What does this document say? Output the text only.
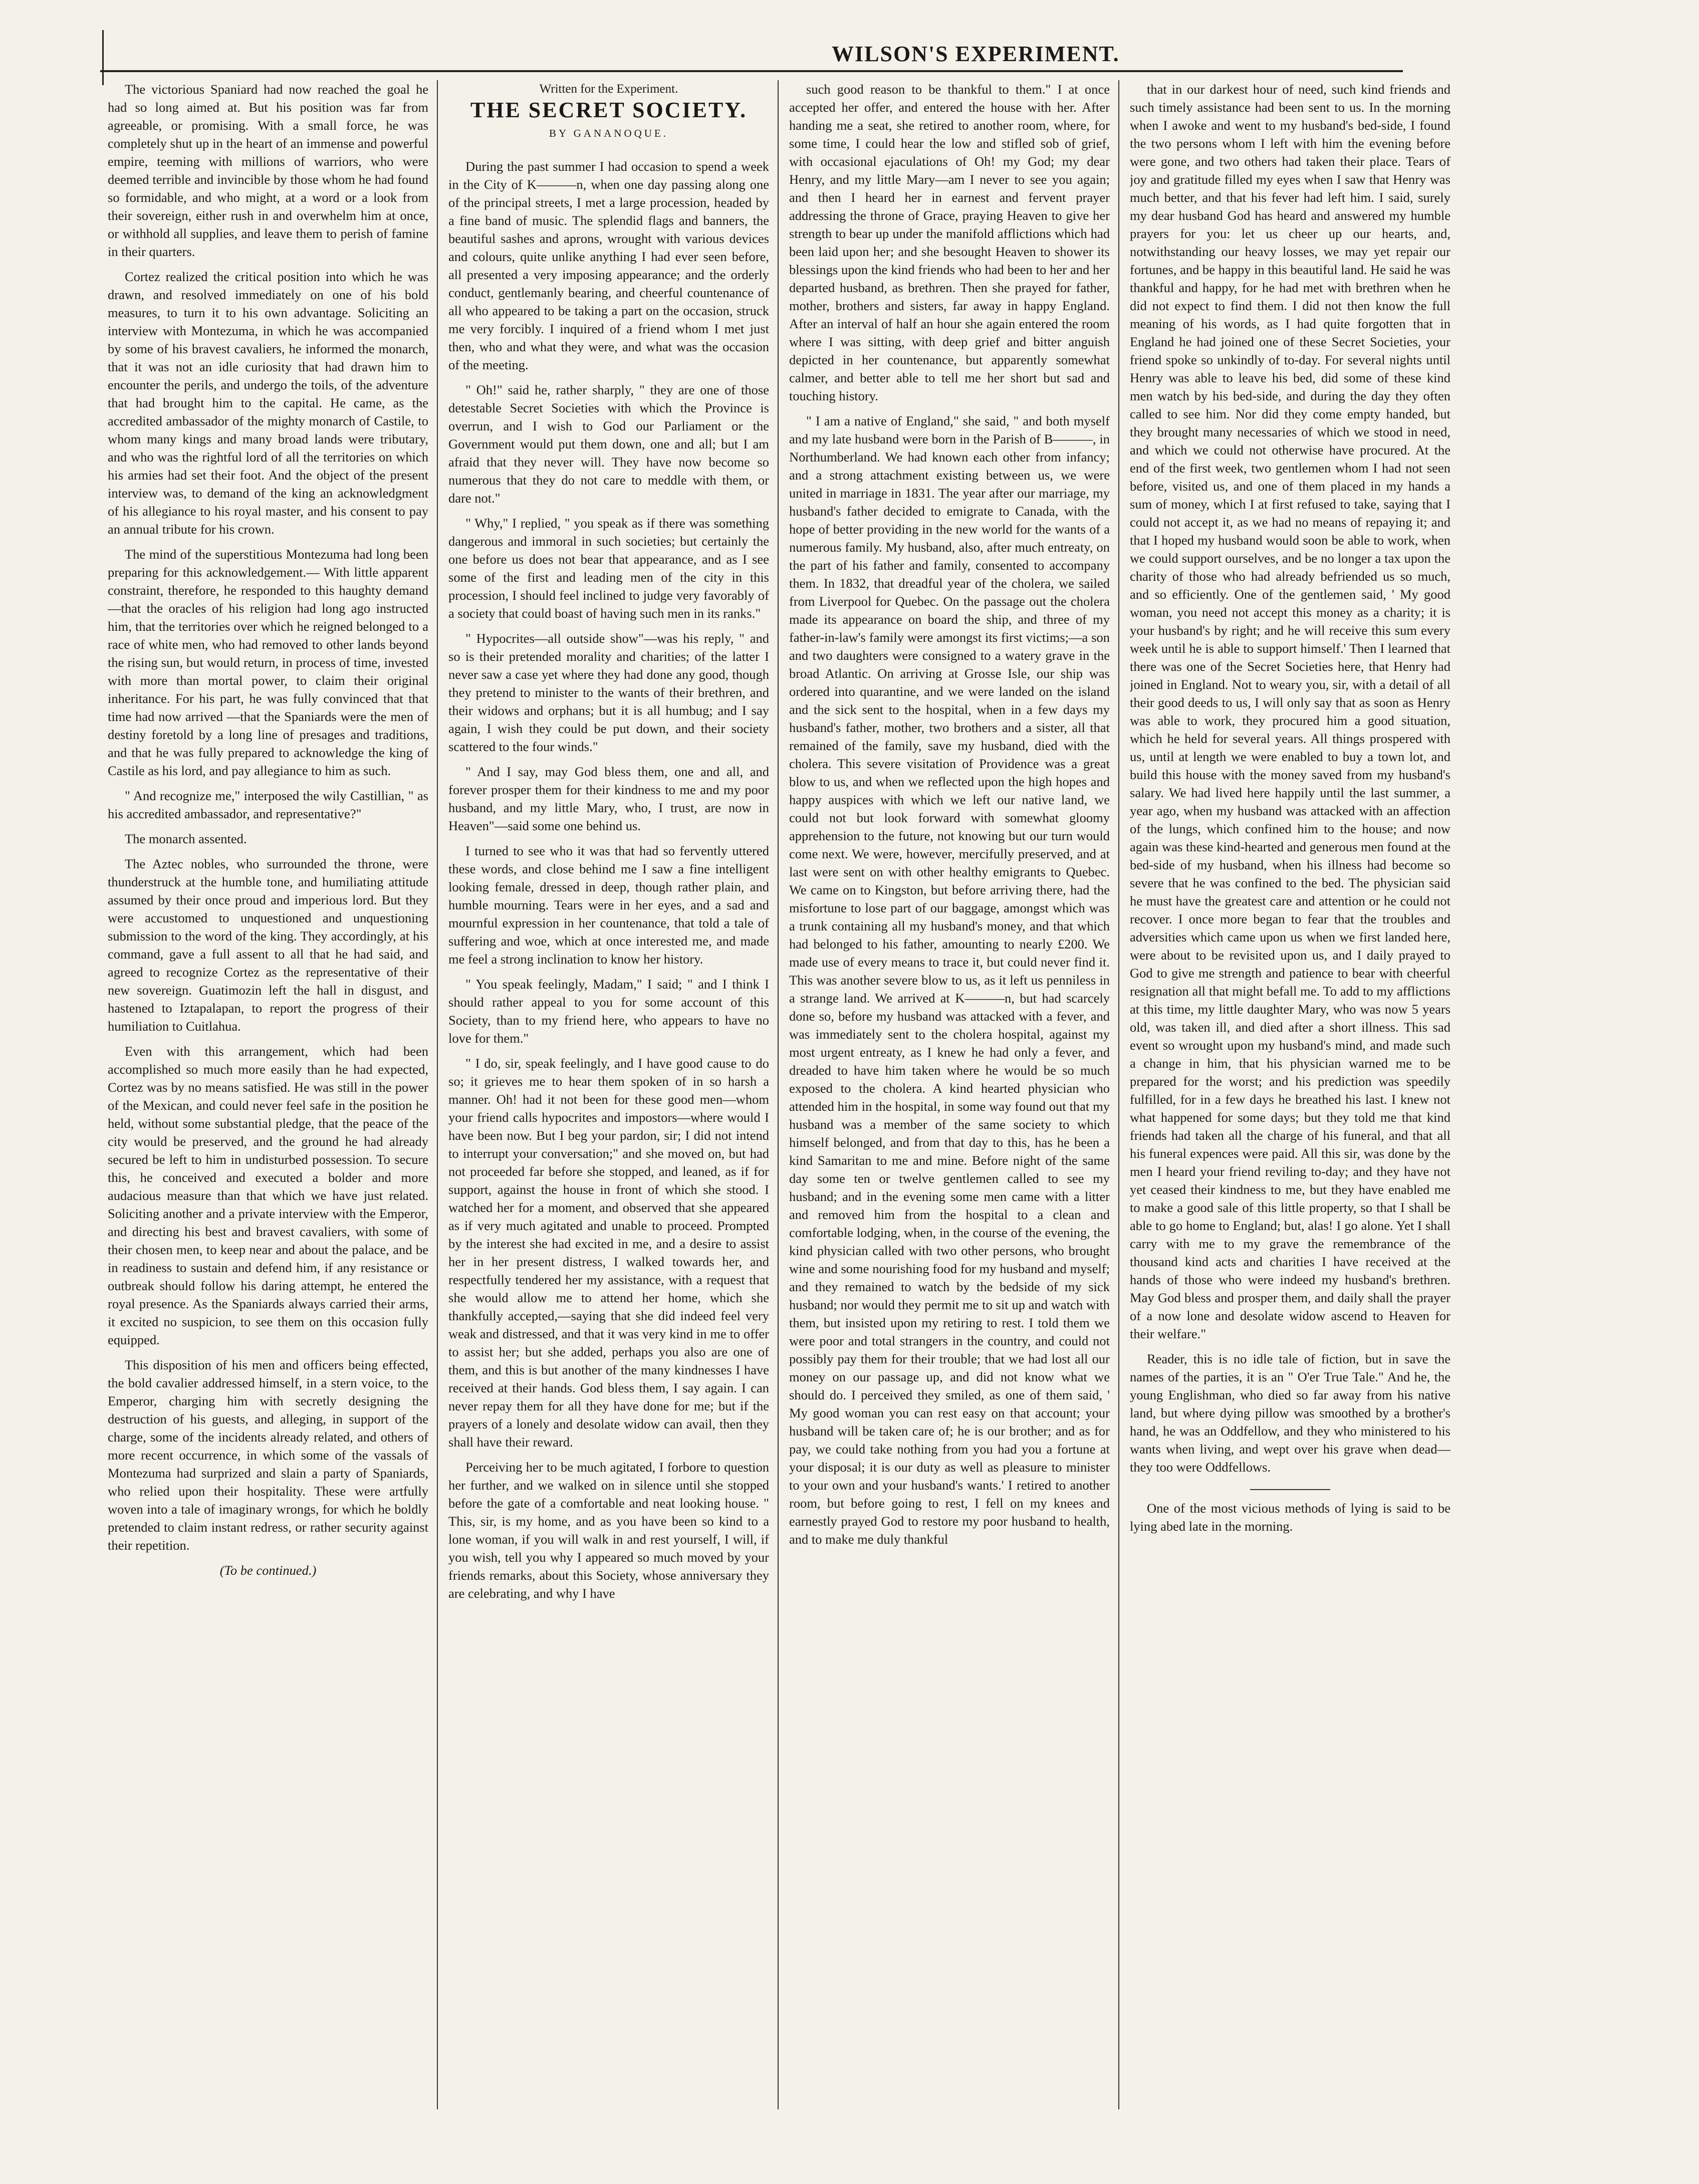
WILSON'S EXPERIMENT.

The victorious Spaniard had now reached the goal he had so long aimed at. But his position was far from agreeable, or promising. With a small force, he was completely shut up in the heart of an immense and powerful empire, teeming with millions of warriors, who were deemed terrible and invincible by those whom he had found so formidable, and who might, at a word or a look from their sovereign, either rush in and overwhelm him at once, or withhold all supplies, and leave them to perish of famine in their quarters.

Cortez realized the critical position into which he was drawn, and resolved immediately on one of his bold measures, to turn it to his own advantage. Soliciting an interview with Montezuma, in which he was accompanied by some of his bravest cavaliers, he informed the monarch, that it was not an idle curiosity that had drawn him to encounter the perils, and undergo the toils, of the adventure that had brought him to the capital. He came, as the accredited ambassador of the mighty monarch of Castile, to whom many kings and many broad lands were tributary, and who was the rightful lord of all the territories on which his armies had set their foot. And the object of the present interview was, to demand of the king an acknowledgment of his allegiance to his royal master, and his consent to pay an annual tribute for his crown.

The mind of the superstitious Montezuma had long been preparing for this acknowledgement.— With little apparent constraint, therefore, he responded to this haughty demand—that the oracles of his religion had long ago instructed him, that the territories over which he reigned belonged to a race of white men, who had removed to other lands beyond the rising sun, but would return, in process of time, invested with more than mortal power, to claim their original inheritance. For his part, he was fully convinced that that time had now arrived —that the Spaniards were the men of destiny foretold by a long line of presages and traditions, and that he was fully prepared to acknowledge the king of Castile as his lord, and pay allegiance to him as such.

" And recognize me," interposed the wily Castillian, " as his accredited ambassador, and representative?"

The monarch assented.

The Aztec nobles, who surrounded the throne, were thunderstruck at the humble tone, and humiliating attitude assumed by their once proud and imperious lord. But they were accustomed to unquestioned and unquestioning submission to the word of the king. They accordingly, at his command, gave a full assent to all that he had said, and agreed to recognize Cortez as the representative of their new sovereign. Guatimozin left the hall in disgust, and hastened to Iztapalapan, to report the progress of their humiliation to Cuitlahua.

Even with this arrangement, which had been accomplished so much more easily than he had expected, Cortez was by no means satisfied. He was still in the power of the Mexican, and could never feel safe in the position he held, without some substantial pledge, that the peace of the city would be preserved, and the ground he had already secured be left to him in undisturbed possession. To secure this, he conceived and executed a bolder and more audacious measure than that which we have just related. Soliciting another and a private interview with the Emperor, and directing his best and bravest cavaliers, with some of their chosen men, to keep near and about the palace, and be in readiness to sustain and defend him, if any resistance or outbreak should follow his daring attempt, he entered the royal presence. As the Spaniards always carried their arms, it excited no suspicion, to see them on this occasion fully equipped.

This disposition of his men and officers being effected, the bold cavalier addressed himself, in a stern voice, to the Emperor, charging him with secretly designing the destruction of his guests, and alleging, in support of the charge, some of the incidents already related, and others of more recent occurrence, in which some of the vassals of Montezuma had surprized and slain a party of Spaniards, who relied upon their hospitality. These were artfully woven into a tale of imaginary wrongs, for which he boldly pretended to claim instant redress, or rather security against their repetition.

(To be continued.)
Written for the Experiment.
THE SECRET SOCIETY.
BY GANANOQUE.

During the past summer I had occasion to spend a week in the City of K———n, when one day passing along one of the principal streets, I met a large procession, headed by a fine band of music. The splendid flags and banners, the beautiful sashes and aprons, wrought with various devices and colours, quite unlike anything I had ever seen before, all presented a very imposing appearance; and the orderly conduct, gentlemanly bearing, and cheerful countenance of all who appeared to be taking a part on the occasion, struck me very forcibly. I inquired of a friend whom I met just then, who and what they were, and what was the occasion of the meeting.

" Oh!" said he, rather sharply, " they are one of those detestable Secret Societies with which the Province is overrun, and I wish to God our Parliament or the Government would put them down, one and all; but I am afraid that they never will. They have now become so numerous that they do not care to meddle with them, or dare not."

" Why," I replied, " you speak as if there was something dangerous and immoral in such societies; but certainly the one before us does not bear that appearance, and as I see some of the first and leading men of the city in this procession, I should feel inclined to judge very favorably of a society that could boast of having such men in its ranks."

" Hypocrites—all outside show"—was his reply, " and so is their pretended morality and charities; of the latter I never saw a case yet where they had done any good, though they pretend to minister to the wants of their brethren, and their widows and orphans; but it is all humbug; and I say again, I wish they could be put down, and their society scattered to the four winds."

" And I say, may God bless them, one and all, and forever prosper them for their kindness to me and my poor husband, and my little Mary, who, I trust, are now in Heaven"—said some one behind us.

I turned to see who it was that had so fervently uttered these words, and close behind me I saw a fine intelligent looking female, dressed in deep, though rather plain, and humble mourning. Tears were in her eyes, and a sad and mournful expression in her countenance, that told a tale of suffering and woe, which at once interested me, and made me feel a strong inclination to know her history.

" You speak feelingly, Madam," I said; " and I think I should rather appeal to you for some account of this Society, than to my friend here, who appears to have no love for them."

" I do, sir, speak feelingly, and I have good cause to do so; it grieves me to hear them spoken of in so harsh a manner. Oh! had it not been for these good men—whom your friend calls hypocrites and impostors—where would I have been now. But I beg your pardon, sir; I did not intend to interrupt your conversation;" and she moved on, but had not proceeded far before she stopped, and leaned, as if for support, against the house in front of which she stood. I watched her for a moment, and observed that she appeared as if very much agitated and unable to proceed. Prompted by the interest she had excited in me, and a desire to assist her in her present distress, I walked towards her, and respectfully tendered her my assistance, with a request that she would allow me to attend her home, which she thankfully accepted,—saying that she did indeed feel very weak and distressed, and that it was very kind in me to offer to assist her; but she added, perhaps you also are one of them, and this is but another of the many kindnesses I have received at their hands. God bless them, I say again. I can never repay them for all they have done for me; but if the prayers of a lonely and desolate widow can avail, then they shall have their reward.

Perceiving her to be much agitated, I forbore to question her further, and we walked on in silence until she stopped before the gate of a comfortable and neat looking house. " This, sir, is my home, and as you have been so kind to a lone woman, if you will walk in and rest yourself, I will, if you wish, tell you why I appeared so much moved by your friends remarks, about this Society, whose anniversary they are celebrating, and why I have

such good reason to be thankful to them." I at once accepted her offer, and entered the house with her. After handing me a seat, she retired to another room, where, for some time, I could hear the low and stifled sob of grief, with occasional ejaculations of Oh! my God; my dear Henry, and my little Mary—am I never to see you again; and then I heard her in earnest and fervent prayer addressing the throne of Grace, praying Heaven to give her strength to bear up under the manifold afflictions which had been laid upon her; and she besought Heaven to shower its blessings upon the kind friends who had been to her and her departed husband, as brethren. Then she prayed for father, mother, brothers and sisters, far away in happy England. After an interval of half an hour she again entered the room where I was sitting, with deep grief and bitter anguish depicted in her countenance, but apparently somewhat calmer, and better able to tell me her short but sad and touching history.

" I am a native of England," she said, " and both myself and my late husband were born in the Parish of B———, in Northumberland. We had known each other from infancy; and a strong attachment existing between us, we were united in marriage in 1831. The year after our marriage, my husband's father decided to emigrate to Canada, with the hope of better providing in the new world for the wants of a numerous family. My husband, also, after much entreaty, on the part of his father and family, consented to accompany them. In 1832, that dreadful year of the cholera, we sailed from Liverpool for Quebec. On the passage out the cholera made its appearance on board the ship, and three of my father-in-law's family were amongst its first victims;—a son and two daughters were consigned to a watery grave in the broad Atlantic. On arriving at Grosse Isle, our ship was ordered into quarantine, and we were landed on the island and the sick sent to the hospital, when in a few days my husband's father, mother, two brothers and a sister, all that remained of the family, save my husband, died with the cholera. This severe visitation of Providence was a great blow to us, and when we reflected upon the high hopes and happy auspices with which we left our native land, we could not but look forward with somewhat gloomy apprehension to the future, not knowing but our turn would come next. We were, however, mercifully preserved, and at last were sent on with other healthy emigrants to Quebec. We came on to Kingston, but before arriving there, had the misfortune to lose part of our baggage, amongst which was a trunk containing all my husband's money, and that which had belonged to his father, amounting to nearly £200. We made use of every means to trace it, but could never find it. This was another severe blow to us, as it left us penniless in a strange land. We arrived at K———n, but had scarcely done so, before my husband was attacked with a fever, and was immediately sent to the cholera hospital, against my most urgent entreaty, as I knew he had only a fever, and dreaded to have him taken where he would be so much exposed to the cholera. A kind hearted physician who attended him in the hospital, in some way found out that my husband was a member of the same society to which himself belonged, and from that day to this, has he been a kind Samaritan to me and mine. Before night of the same day some ten or twelve gentlemen called to see my husband; and in the evening some men came with a litter and removed him from the hospital to a clean and comfortable lodging, when, in the course of the evening, the kind physician called with two other persons, who brought wine and some nourishing food for my husband and myself; and they remained to watch by the bedside of my sick husband; nor would they permit me to sit up and watch with them, but insisted upon my retiring to rest. I told them we were poor and total strangers in the country, and could not possibly pay them for their trouble; that we had lost all our money on our passage up, and did not know what we should do. I perceived they smiled, as one of them said, ' My good woman you can rest easy on that account; your husband will be taken care of; he is our brother; and as for pay, we could take nothing from you had you a fortune at your disposal; it is our duty as well as pleasure to minister to your own and your husband's wants.' I retired to another room, but before going to rest, I fell on my knees and earnestly prayed God to restore my poor husband to health, and to make me duly thankful

that in our darkest hour of need, such kind friends and such timely assistance had been sent to us. In the morning when I awoke and went to my husband's bed-side, I found the two persons whom I left with him the evening before were gone, and two others had taken their place. Tears of joy and gratitude filled my eyes when I saw that Henry was much better, and that his fever had left him. I said, surely my dear husband God has heard and answered my humble prayers for you: let us cheer up our hearts, and, notwithstanding our heavy losses, we may yet repair our fortunes, and be happy in this beautiful land. He said he was thankful and happy, for he had met with brethren when he did not expect to find them. I did not then know the full meaning of his words, as I had quite forgotten that in England he had joined one of these Secret Societies, your friend spoke so unkindly of to-day. For several nights until Henry was able to leave his bed, did some of these kind men watch by his bed-side, and during the day they often called to see him. Nor did they come empty handed, but they brought many necessaries of which we stood in need, and which we could not otherwise have procured. At the end of the first week, two gentlemen whom I had not seen before, visited us, and one of them placed in my hands a sum of money, which I at first refused to take, saying that I could not accept it, as we had no means of repaying it; and that I hoped my husband would soon be able to work, when we could support ourselves, and be no longer a tax upon the charity of those who had already befriended us so much, and so efficiently. One of the gentlemen said, ' My good woman, you need not accept this money as a charity; it is your husband's by right; and he will receive this sum every week until he is able to support himself.' Then I learned that there was one of the Secret Societies here, that Henry had joined in England. Not to weary you, sir, with a detail of all their good deeds to us, I will only say that as soon as Henry was able to work, they procured him a good situation, which he held for several years. All things prospered with us, until at length we were enabled to buy a town lot, and build this house with the money saved from my husband's salary. We had lived here happily until the last summer, a year ago, when my husband was attacked with an affection of the lungs, which confined him to the house; and now again was these kind-hearted and generous men found at the bed-side of my husband, when his illness had become so severe that he was confined to the bed. The physician said he must have the greatest care and attention or he could not recover. I once more began to fear that the troubles and adversities which came upon us when we first landed here, were about to be revisited upon us, and I daily prayed to God to give me strength and patience to bear with cheerful resignation all that might befall me. To add to my afflictions at this time, my little daughter Mary, who was now 5 years old, was taken ill, and died after a short illness. This sad event so wrought upon my husband's mind, and made such a change in him, that his physician warned me to be prepared for the worst; and his prediction was speedily fulfilled, for in a few days he breathed his last. I knew not what happened for some days; but they told me that kind friends had taken all the charge of his funeral, and that all his funeral expences were paid. All this sir, was done by the men I heard your friend reviling to-day; and they have not yet ceased their kindness to me, but they have enabled me to make a good sale of this little property, so that I shall be able to go home to England; but, alas! I go alone. Yet I shall carry with me to my grave the remembrance of the thousand kind acts and charities I have received at the hands of those who were indeed my husband's brethren. May God bless and prosper them, and daily shall the prayer of a now lone and desolate widow ascend to Heaven for their welfare."

Reader, this is no idle tale of fiction, but in save the names of the parties, it is an " O'er True Tale." And he, the young Englishman, who died so far away from his native land, but where dying pillow was smoothed by a brother's hand, he was an Oddfellow, and they who ministered to his wants when living, and wept over his grave when dead—they too were Oddfellows.

One of the most vicious methods of lying is said to be lying abed late in the morning.
